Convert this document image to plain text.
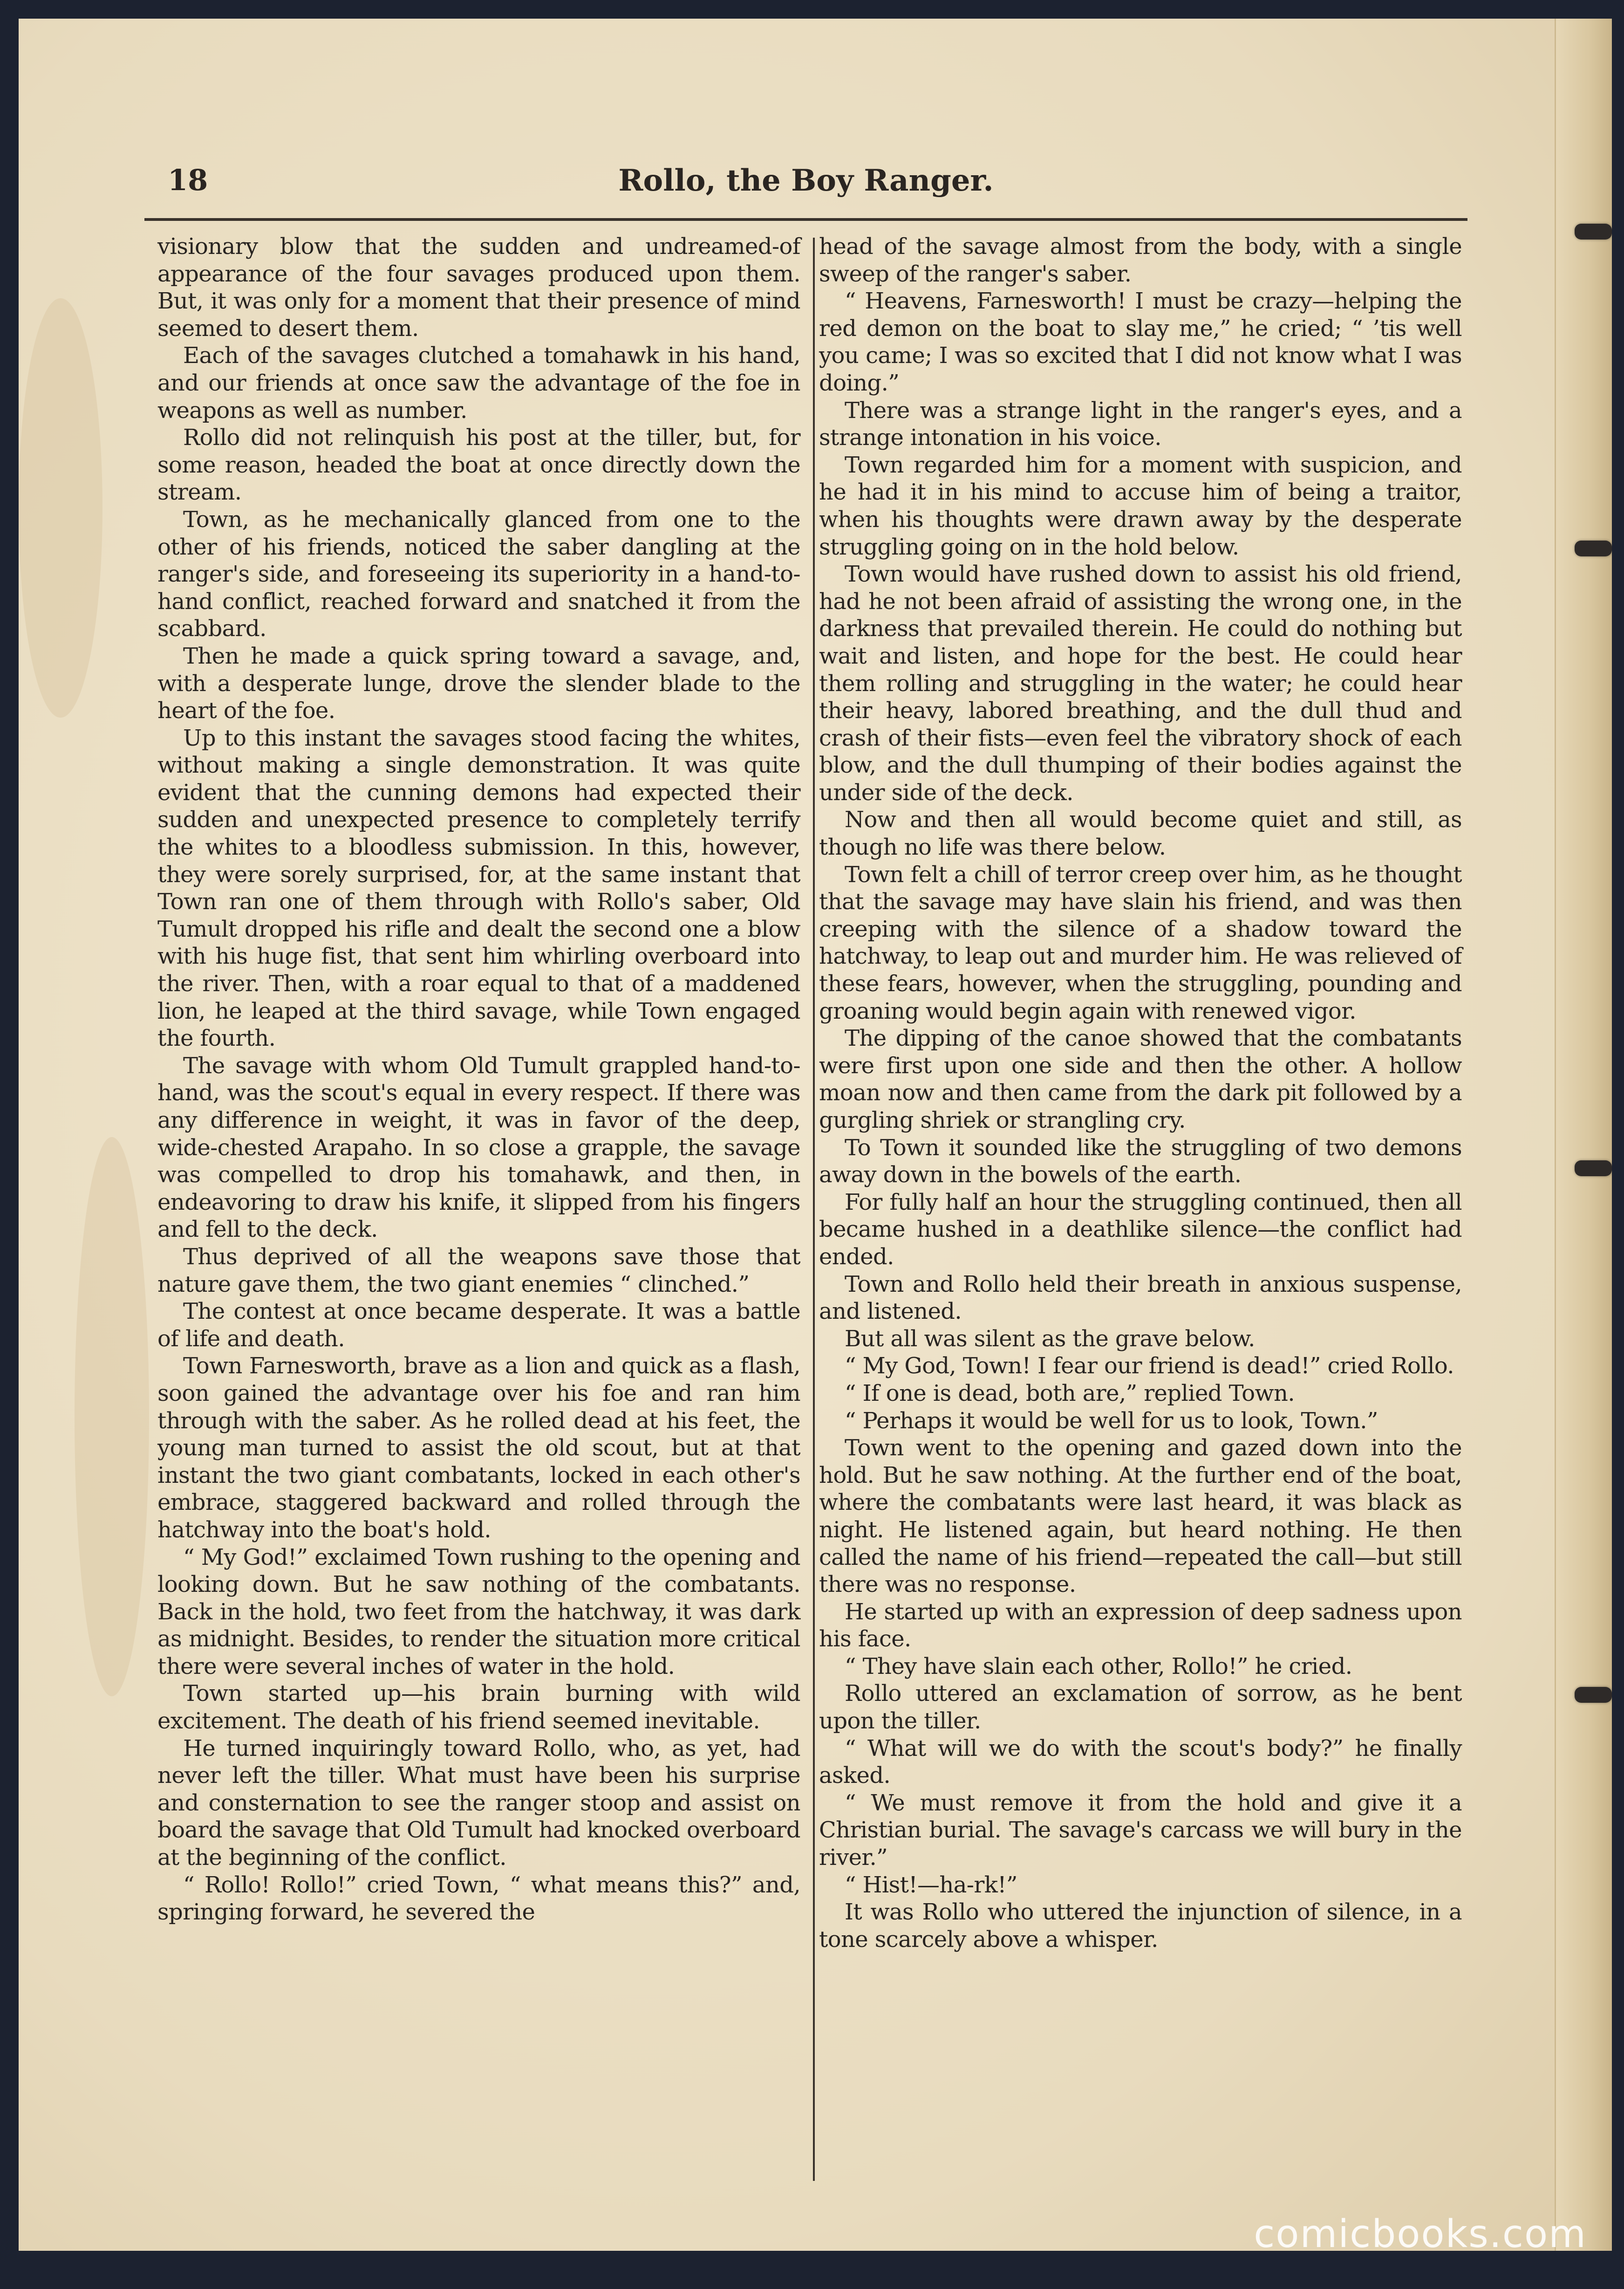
18	Rollo, the Boy Ranger.

visionary blow that the sudden and undreamed-of appearance of the four savages produced upon them. But, it was only for a moment that their presence of mind seemed to desert them.

Each of the savages clutched a tomahawk in his hand, and our friends at once saw the advantage of the foe in weapons as well as number.

Rollo did not relinquish his post at the tiller, but, for some reason, headed the boat at once directly down the stream.

Town, as he mechanically glanced from one to the other of his friends, noticed the saber dangling at the ranger's side, and foreseeing its superiority in a hand-to-hand conflict, reached forward and snatched it from the scabbard.

Then he made a quick spring toward a savage, and, with a desperate lunge, drove the slender blade to the heart of the foe.

Up to this instant the savages stood facing the whites, without making a single demonstration. It was quite evident that the cunning demons had expected their sudden and unexpected presence to completely terrify the whites to a bloodless submission. In this, however, they were sorely surprised, for, at the same instant that Town ran one of them through with Rollo's saber, Old Tumult dropped his rifle and dealt the second one a blow with his huge fist, that sent him whirling overboard into the river. Then, with a roar equal to that of a maddened lion, he leaped at the third savage, while Town engaged the fourth.

The savage with whom Old Tumult grappled hand-to-hand, was the scout's equal in every respect. If there was any difference in weight, it was in favor of the deep, wide-chested Arapaho. In so close a grapple, the savage was compelled to drop his tomahawk, and then, in endeavoring to draw his knife, it slipped from his fingers and fell to the deck.

Thus deprived of all the weapons save those that nature gave them, the two giant enemies “ clinched.”

The contest at once became desperate. It was a battle of life and death.

Town Farnesworth, brave as a lion and quick as a flash, soon gained the advantage over his foe and ran him through with the saber. As he rolled dead at his feet, the young man turned to assist the old scout, but at that instant the two giant combatants, locked in each other's embrace, staggered backward and rolled through the hatchway into the boat's hold.

“ My God!” exclaimed Town rushing to the opening and looking down. But he saw nothing of the combatants. Back in the hold, two feet from the hatchway, it was dark as midnight. Besides, to render the situation more critical there were several inches of water in the hold.

Town started up—his brain burning with wild excitement. The death of his friend seemed inevitable.

He turned inquiringly toward Rollo, who, as yet, had never left the tiller. What must have been his surprise and consternation to see the ranger stoop and assist on board the savage that Old Tumult had knocked overboard at the beginning of the conflict.

“ Rollo! Rollo!” cried Town, “ what means this?” and, springing forward, he severed the

head of the savage almost from the body, with a single sweep of the ranger's saber.

“ Heavens, Farnesworth! I must be crazy—helping the red demon on the boat to slay me,” he cried; “ ’tis well you came; I was so excited that I did not know what I was doing.”

There was a strange light in the ranger's eyes, and a strange intonation in his voice.

Town regarded him for a moment with suspicion, and he had it in his mind to accuse him of being a traitor, when his thoughts were drawn away by the desperate struggling going on in the hold below.

Town would have rushed down to assist his old friend, had he not been afraid of assisting the wrong one, in the darkness that prevailed therein. He could do nothing but wait and listen, and hope for the best. He could hear them rolling and struggling in the water; he could hear their heavy, labored breathing, and the dull thud and crash of their fists—even feel the vibratory shock of each blow, and the dull thumping of their bodies against the under side of the deck.

Now and then all would become quiet and still, as though no life was there below.

Town felt a chill of terror creep over him, as he thought that the savage may have slain his friend, and was then creeping with the silence of a shadow toward the hatchway, to leap out and murder him. He was relieved of these fears, however, when the struggling, pounding and groaning would begin again with renewed vigor.

The dipping of the canoe showed that the combatants were first upon one side and then the other. A hollow moan now and then came from the dark pit followed by a gurgling shriek or strangling cry.

To Town it sounded like the struggling of two demons away down in the bowels of the earth.

For fully half an hour the struggling continued, then all became hushed in a deathlike silence—the conflict had ended.

Town and Rollo held their breath in anxious suspense, and listened.

But all was silent as the grave below.

“ My God, Town! I fear our friend is dead!” cried Rollo.

“ If one is dead, both are,” replied Town.

“ Perhaps it would be well for us to look, Town.”

Town went to the opening and gazed down into the hold. But he saw nothing. At the further end of the boat, where the combatants were last heard, it was black as night. He listened again, but heard nothing. He then called the name of his friend—repeated the call—but still there was no response.

He started up with an expression of deep sadness upon his face.

“ They have slain each other, Rollo!” he cried.

Rollo uttered an exclamation of sorrow, as he bent upon the tiller.

“ What will we do with the scout's body?” he finally asked.

“ We must remove it from the hold and give it a Christian burial. The savage's carcass we will bury in the river.”

“ Hist!—ha-rk!”

It was Rollo who uttered the injunction of silence, in a tone scarcely above a whisper.

comicbooks.com
